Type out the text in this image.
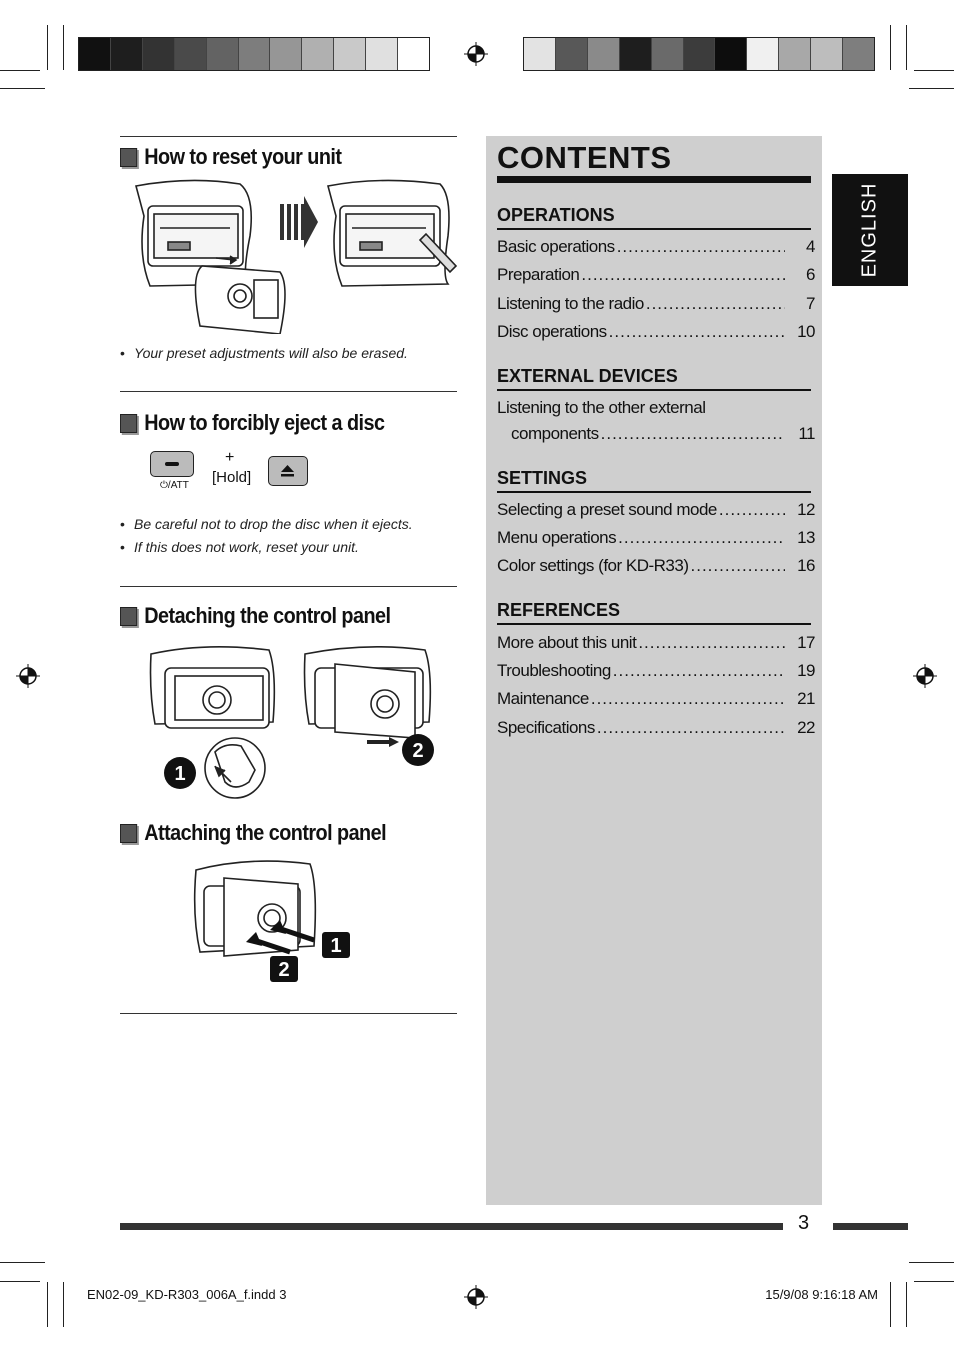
How to reset your unit
• Your preset adjustments will also be erased.
How to forcibly eject a disc
⏻/ATT
+
[Hold]
• Be careful not to drop the disc when it ejects.
• If this does not work, reset your unit.
Detaching the control panel
1
2
Attaching the control panel
1
2
CONTENTS
OPERATIONS
Basic operations .....	4
Preparation .....	6
Listening to the radio .....	7
Disc operations .....	10
EXTERNAL DEVICES
Listening to the other external
components .....	11
SETTINGS
Selecting a preset sound mode .....	12
Menu operations .....	13
Color settings (for KD-R33) .....	16
REFERENCES
More about this unit .....	17
Troubleshooting .....	19
Maintenance .....	21
Specifications .....	22
ENGLISH
3
EN02-09_KD-R303_006A_f.indd 3	15/9/08 9:16:18 AM
